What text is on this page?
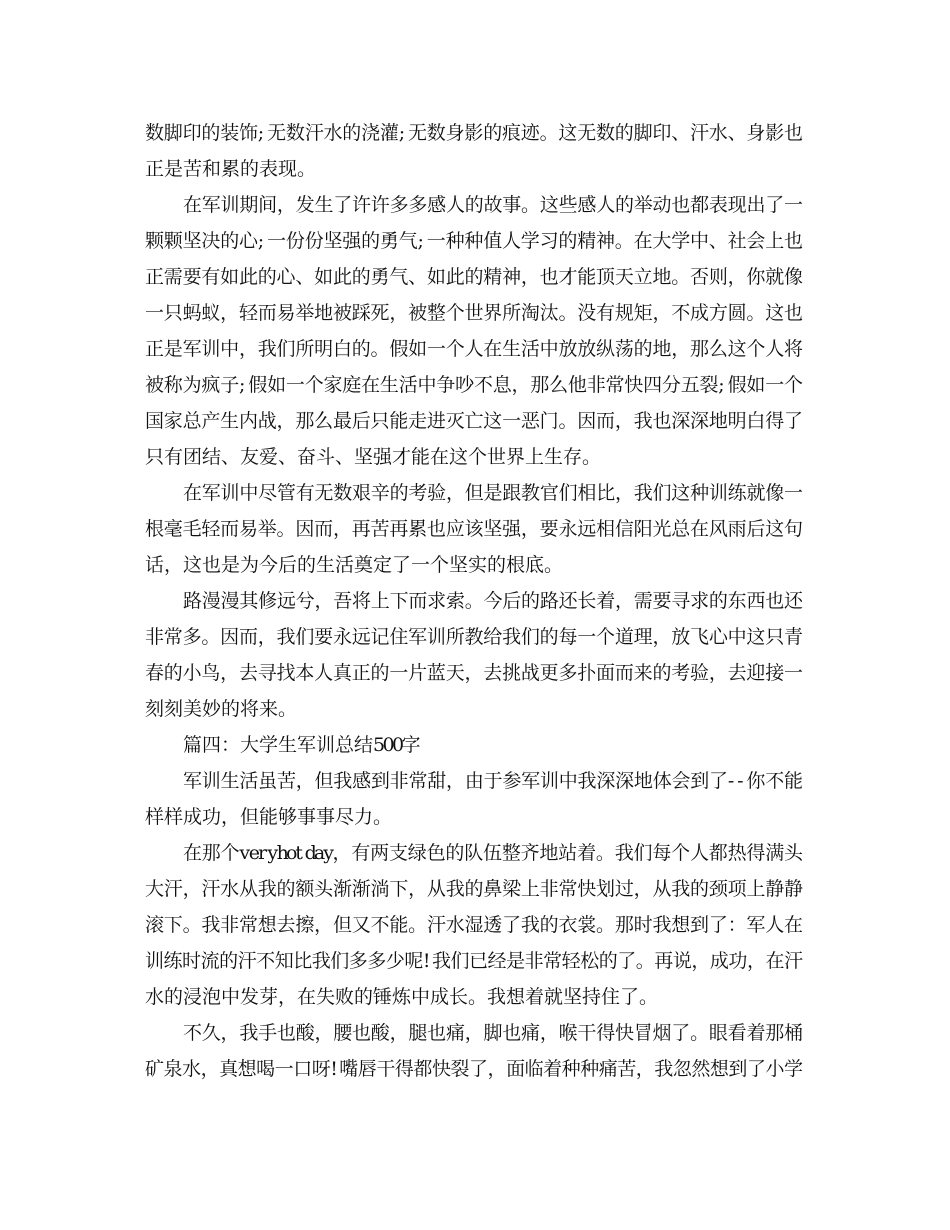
数 脚 印 的 装 饰 ; 无 数 汗 水 的 浇 灌 ; 无 数 身 影 的 痕 迹 。 这 无 数 的 脚 印 、 汗 水 、 身 影 也
正 是 苦 和 累 的 表 现 。
在 军 训 期 间 ， 发 生 了 许 许 多 多 感 人 的 故 事 。 这 些 感 人 的 举 动 也 都 表 现 出 了 一
颗 颗 坚 决 的 心 ; 一 份 份 坚 强 的 勇 气 ; 一 种 种 值 人 学 习 的 精 神 。 在 大 学 中 、 社 会 上 也
正 需 要 有 如 此 的 心 、 如 此 的 勇 气 、 如 此 的 精 神 ， 也 才 能 顶 天 立 地 。 否 则 ， 你 就 像
一 只 蚂 蚁 ， 轻 而 易 举 地 被 踩 死 ， 被 整 个 世 界 所 淘 汰 。 没 有 规 矩 ， 不 成 方 圆 。 这 也
正 是 军 训 中 ， 我 们 所 明 白 的 。 假 如 一 个 人 在 生 活 中 放 放 纵 荡 的 地 ， 那 么 这 个 人 将
被 称 为 疯 子 ; 假 如 一 个 家 庭 在 生 活 中 争 吵 不 息 ， 那 么 他 非 常 快 四 分 五 裂 ; 假 如 一 个
国 家 总 产 生 内 战 ， 那 么 最 后 只 能 走 进 灭 亡 这 一 恶 门 。 因 而 ， 我 也 深 深 地 明 白 得 了
只 有 团 结 、 友 爱 、 奋 斗 、 坚 强 才 能 在 这 个 世 界 上 生 存 。
在 军 训 中 尽 管 有 无 数 艰 辛 的 考 验 ， 但 是 跟 教 官 们 相 比 ， 我 们 这 种 训 练 就 像 一
根 毫 毛 轻 而 易 举 。 因 而 ， 再 苦 再 累 也 应 该 坚 强 ， 要 永 远 相 信 阳 光 总 在 风 雨 后 这 句
话 ， 这 也 是 为 今 后 的 生 活 奠 定 了 一 个 坚 实 的 根 底 。
路 漫 漫 其 修 远 兮 ， 吾 将 上 下 而 求 索 。 今 后 的 路 还 长 着 ， 需 要 寻 求 的 东 西 也 还
非 常 多 。 因 而 ， 我 们 要 永 远 记 住 军 训 所 教 给 我 们 的 每 一 个 道 理 ， 放 飞 心 中 这 只 青
春 的 小 鸟 ， 去 寻 找 本 人 真 正 的 一 片 蓝 天 ， 去 挑 战 更 多 扑 面 而 来 的 考 验 ， 去 迎 接 一
刻 刻 美 妙 的 将 来 。
篇 四 ： 大 学 生 军 训 总 结 5
0
0
字
军 训 生 活 虽 苦 ， 但 我 感 到 非 常 甜 ， 由 于 参 军 训 中 我 深 深 地 体 会 到 了 - - 你 不 能
样 样 成 功 ， 但 能 够 事 事 尽 力 。
在 那 个 v
e
r y
h
o
t d
a
y
， 有 两 支 绿 色 的 队 伍 整 齐 地 站 着 。 我 们 每 个 人 都 热 得 满 头
大 汗 ， 汗 水 从 我 的 额 头 渐 渐 淌 下 ， 从 我 的 鼻 梁 上 非 常 快 划 过 ， 从 我 的 颈 项 上 静 静
滚 下 。 我 非 常 想 去 擦 ， 但 又 不 能 。 汗 水 湿 透 了 我 的 衣 裳 。 那 时 我 想 到 了 ： 军 人 在
训 练 时 流 的 汗 不 知 比 我 们 多 多 少 呢 ! 我 们 已 经 是 非 常 轻 松 的 了 。 再 说 ， 成 功 ， 在 汗
水 的 浸 泡 中 发 芽 ， 在 失 败 的 锤 炼 中 成 长 。 我 想 着 就 坚 持 住 了 。
不 久 ， 我 手 也 酸 ， 腰 也 酸 ， 腿 也 痛 ， 脚 也 痛 ， 喉 干 得 快 冒 烟 了 。 眼 看 着 那 桶
矿 泉 水 ， 真 想 喝 一 口 呀 ! 嘴 唇 干 得 都 快 裂 了 ， 面 临 着 种 种 痛 苦 ， 我 忽 然 想 到 了 小 学
